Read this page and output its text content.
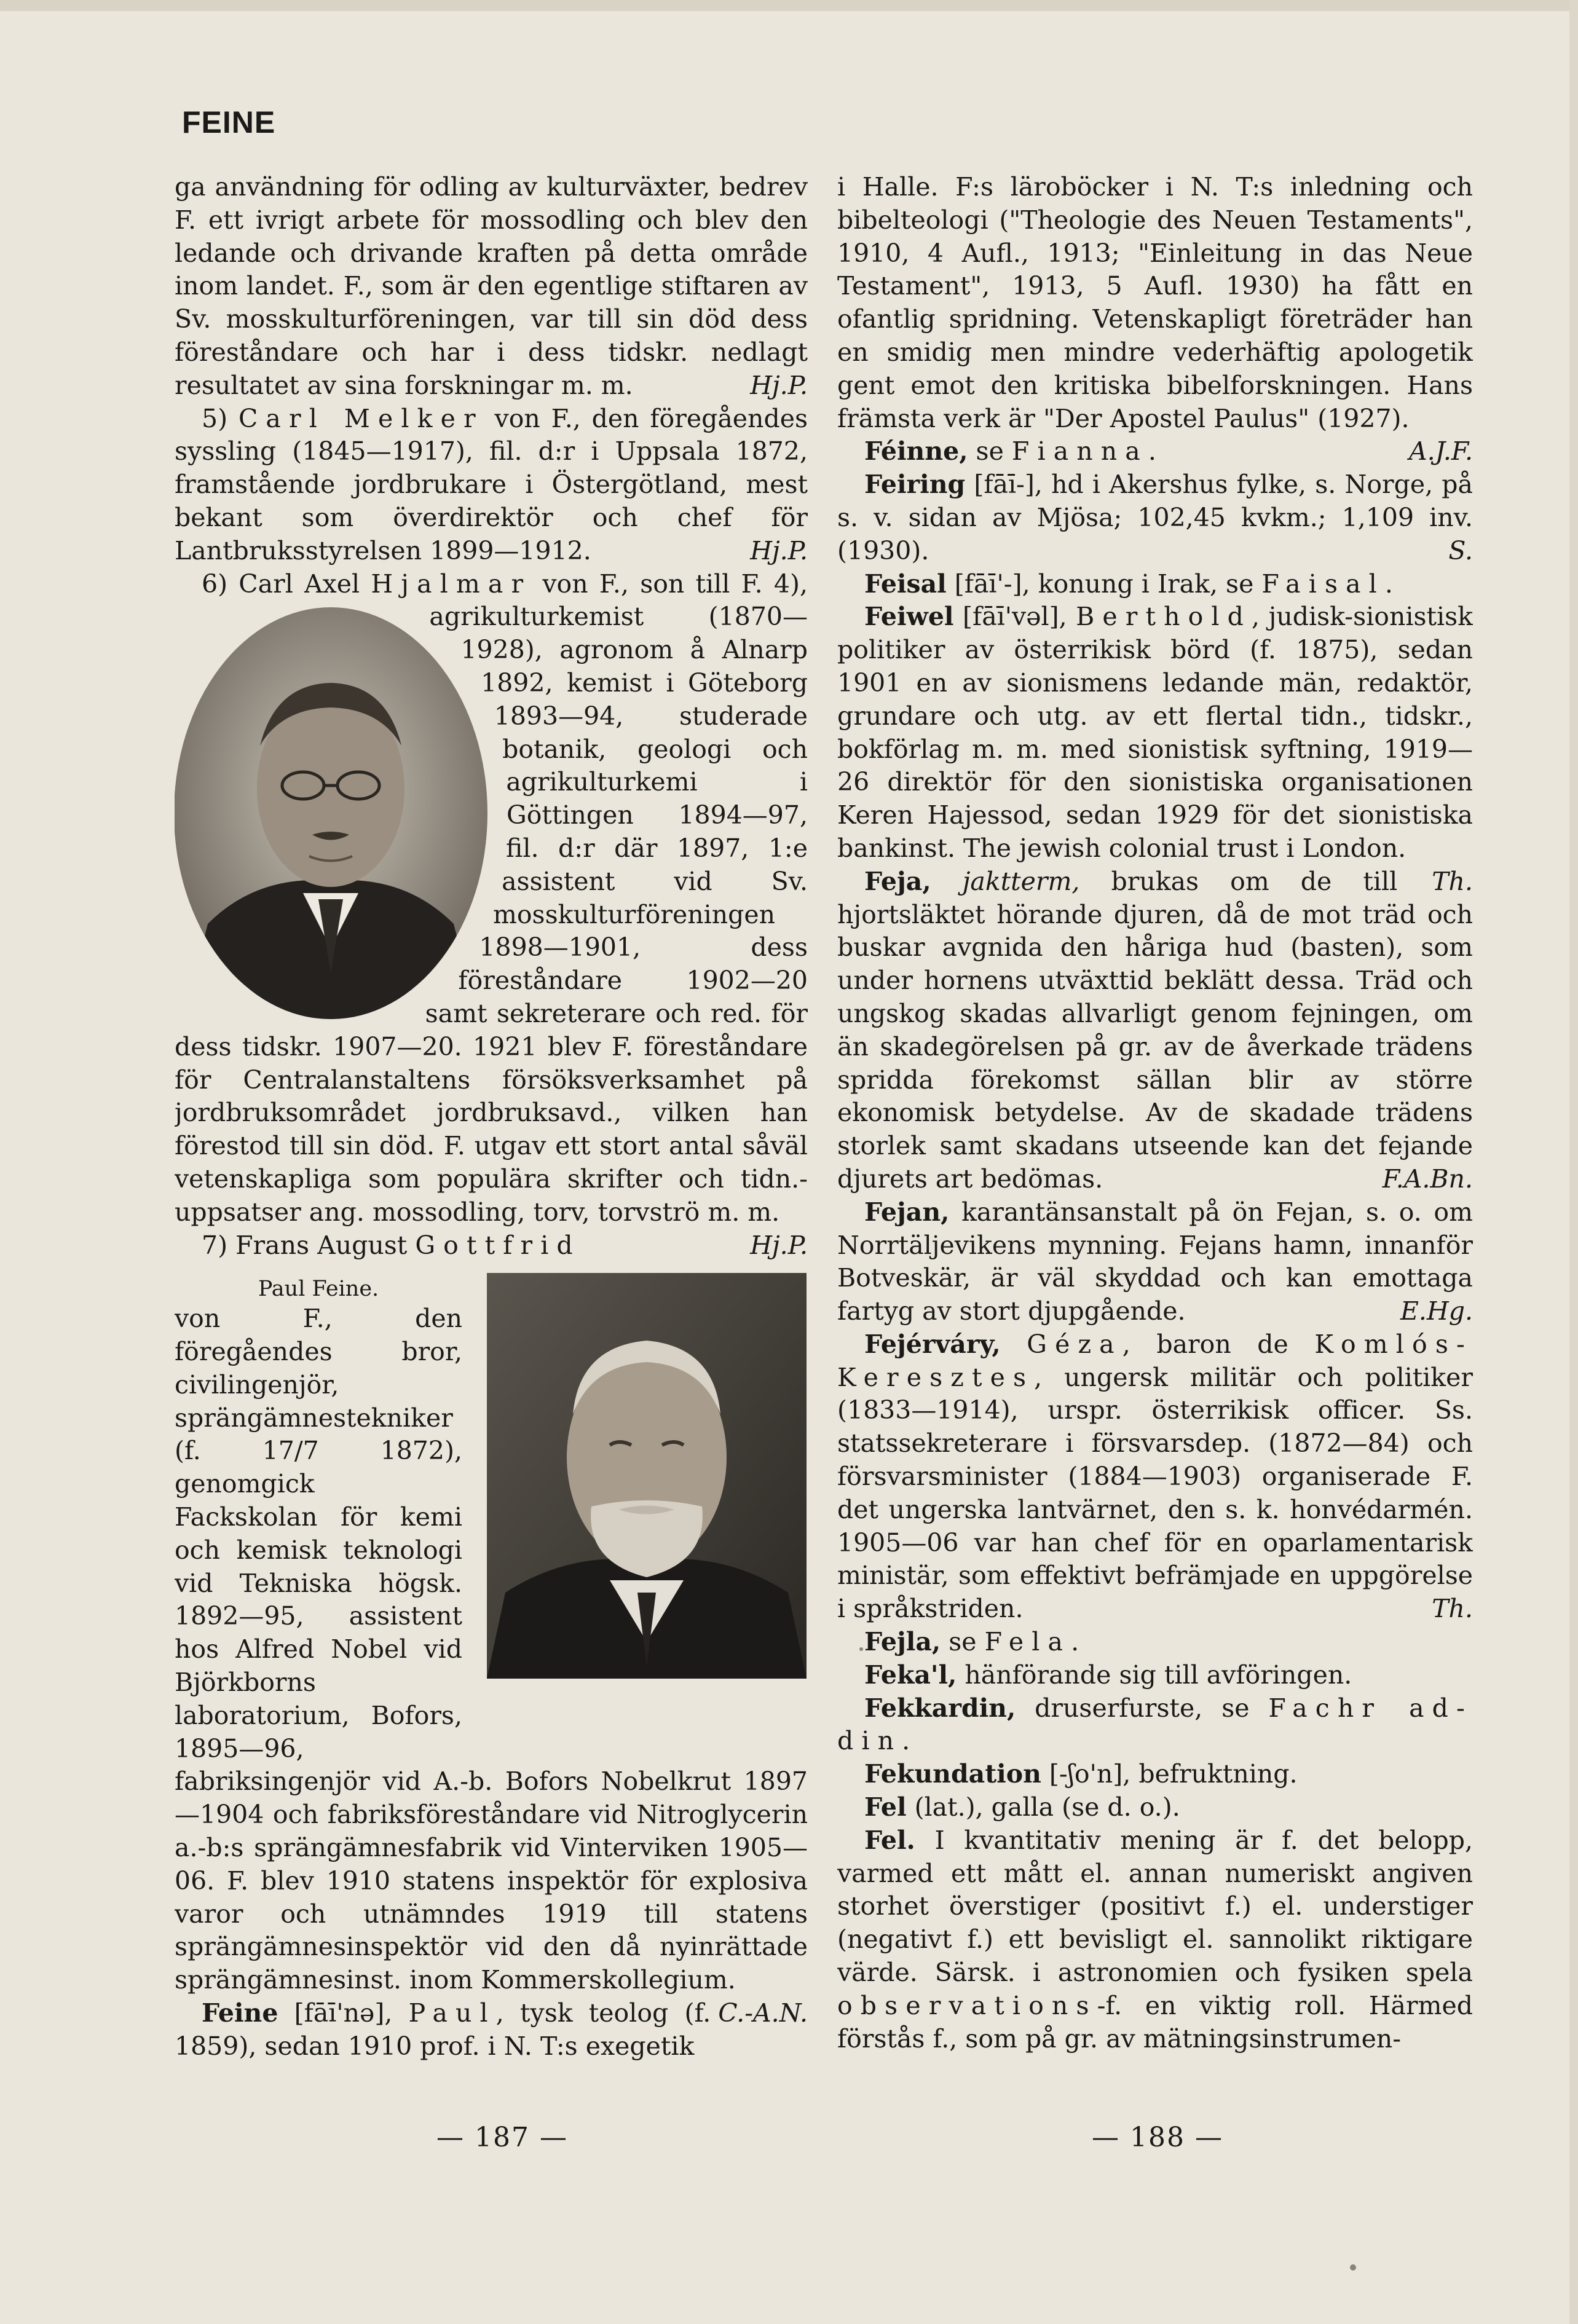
FEINE

ga användning för odling av kulturväxter, bedrev F. ett ivrigt arbete för mossodling och blev den ledande och drivande kraften på detta område inom landet. F., som är den egentlige stiftaren av Sv. mosskulturföreningen, var till sin död dess föreståndare och har i dess tidskr. nedlagt resultatet av sina forskningar m. m.	Hj.P.

5) Carl Melker von F., den föregåendes syssling (1845—1917), fil. d:r i Uppsala 1872, framstående jordbrukare i Östergötland, mest bekant som överdirektör och chef för Lantbruksstyrelsen 1899—1912.	Hj.P.

6) Carl Axel Hjalmar
von F., son till F. 4), agrikulturkemist (1870—1928), agronom å Alnarp 1892, kemist i Göteborg 1893—94, studerade botanik, geologi och agrikulturkemi i Göttingen 1894—97, fil. d:r där 1897, 1:e assistent vid Sv. mosskulturföreningen 1898—1901, dess föreståndare 1902—20 samt sekreterare och red. för dess tidskr. 1907—20. 1921 blev F. föreståndare för Centralanstaltens försöksverksamhet på jordbruksområdet jordbruksavd., vilken han förestod till sin död. F. utgav ett stort antal såväl vetenskapliga som populära skrifter och tidn.-uppsatser ang. mossodling, torv, torvströ m. m.
Hj.P.

7) Frans August Gottfrid

Paul Feine.
von F., den föregåendes bror, civilingenjör, sprängämnestekniker (f. 17/7 1872), genomgick Fackskolan för kemi och kemisk teknologi vid Tekniska högsk. 1892—95, assistent hos Alfred Nobel vid Björkborns laboratorium, Bofors, 1895—96, fabriksingenjör vid A.-b. Bofors Nobelkrut 1897—1904 och fabriksföreståndare vid Nitroglycerin a.-b:s sprängämnesfabrik vid Vinterviken 1905—06. F. blev 1910 statens inspektör för explosiva varor och utnämndes 1919 till statens sprängämnesinspektör vid den då nyinrättade sprängämnesinst. inom Kommerskollegium.
C.-A.N.

Feine [fāī'nə], Paul, tysk teolog (f. 1859), sedan 1910 prof. i N. T:s exegetik

i Halle. F:s läroböcker i N. T:s inledning och bibelteologi ("Theologie des Neuen Testaments", 1910, 4 Aufl., 1913; "Einleitung in das Neue Testament", 1913, 5 Aufl. 1930) ha fått en ofantlig spridning. Vetenskapligt företräder han en smidig men mindre vederhäftig apologetik gent emot den kritiska bibelforskningen. Hans främsta verk är "Der Apostel Paulus" (1927).
A.J.F.

Féinne, se Fianna.

Feiring [fāī-], hd i Akershus fylke, s. Norge, på s. v. sidan av Mjösa; 102,45 kvkm.; 1,109 inv. (1930).	S.

Feisal [fāī'-], konung i Irak, se Faisal.

Feiwel [fāī'vəl], Berthold, judisk-sionistisk politiker av österrikisk börd (f. 1875), sedan 1901 en av sionismens ledande män, redaktör, grundare och utg. av ett flertal tidn., tidskr., bokförlag m. m. med sionistisk syftning, 1919—26 direktör för den sionistiska organisationen Keren Hajessod, sedan 1929 för det sionistiska bankinst. The jewish colonial trust i London.
Th.

Feja, jaktterm, brukas om de till hjortsläktet hörande djuren, då de mot träd och buskar avgnida den håriga hud (basten), som under hornens utväxttid beklätt dessa. Träd och ungskog skadas allvarligt genom fejningen, om än skadegörelsen på gr. av de åverkade trädens spridda förekomst sällan blir av större ekonomisk betydelse. Av de skadade trädens storlek samt skadans utseende kan det fejande djurets art bedömas.	F.A.Bn.

Fejan, karantänsanstalt på ön Fejan, s. o. om Norrtäljevikens mynning. Fejans hamn, innanför Botveskär, är väl skyddad och kan emottaga fartyg av stort djupgående.	E.Hg.

Fejérváry, Géza, baron de Komlós-Keresztes, ungersk militär och politiker (1833—1914), urspr. österrikisk officer. Ss. statssekreterare i försvarsdep. (1872—84) och försvarsminister (1884—1903) organiserade F. det ungerska lantvärnet, den s. k. honvédarmén. 1905—06 var han chef för en oparlamentarisk ministär, som effektivt befrämjade en uppgörelse i språkstriden.	Th.

Fejla, se Fela.

Feka'l, hänförande sig till avföringen.

Fekkardin, druserfurste, se Fachr ad-din.

Fekundation [-ʃo'n], befruktning.

Fel (lat.), galla (se d. o.).

Fel. I kvantitativ mening är f. det belopp, varmed ett mått el. annan numeriskt angiven storhet överstiger (positivt f.) el. understiger (negativt f.) ett bevisligt el. sannolikt riktigare värde. Särsk. i astronomien och fysiken spela observations-f. en viktig roll. Härmed förstås f., som på gr. av mätningsinstrumen-

— 187 —	— 188 —
